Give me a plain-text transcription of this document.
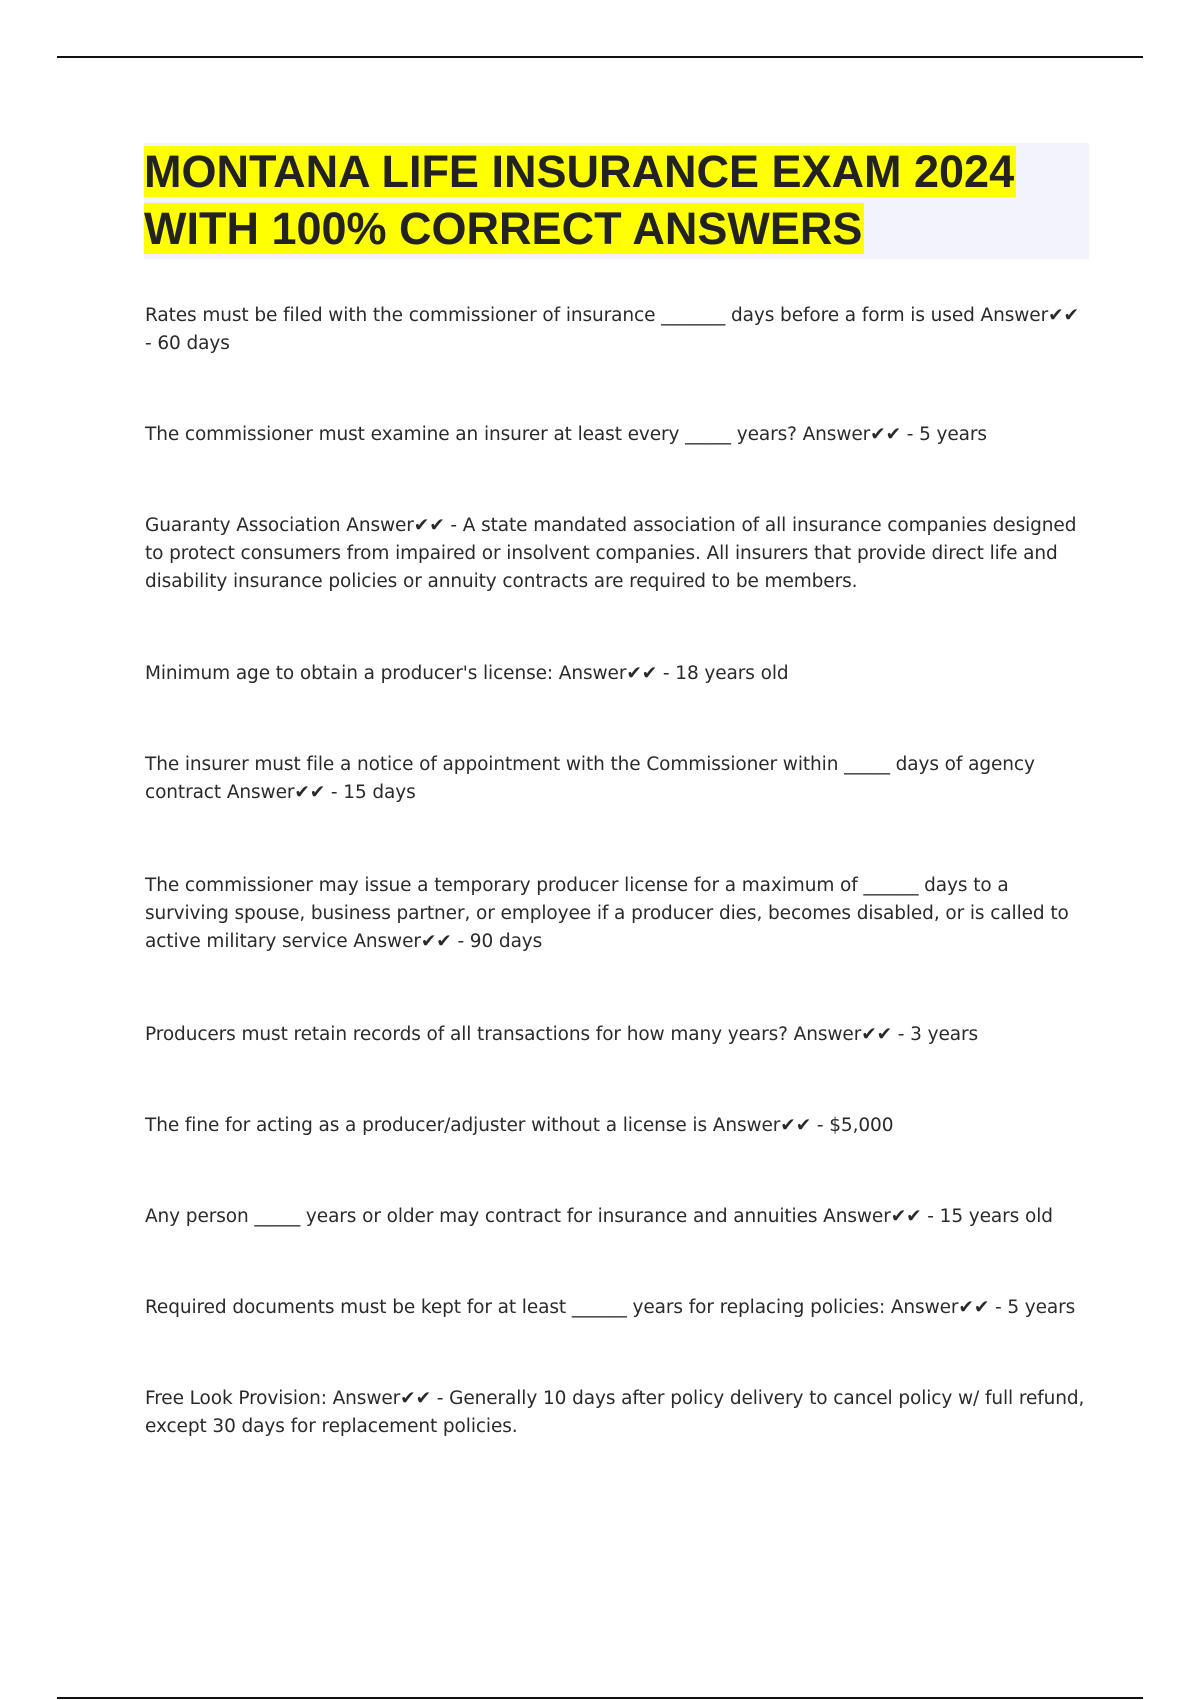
MONTANA LIFE INSURANCE EXAM 2024
WITH 100% CORRECT ANSWERS

Rates must be filed with the commissioner of insurance _______ days before a form is used Answer✔✔ - 60 days

The commissioner must examine an insurer at least every _____ years? Answer✔✔ - 5 years

Guaranty Association Answer✔✔ - A state mandated association of all insurance companies designed to protect consumers from impaired or insolvent companies. All insurers that provide direct life and disability insurance policies or annuity contracts are required to be members.

Minimum age to obtain a producer's license: Answer✔✔ - 18 years old

The insurer must file a notice of appointment with the Commissioner within _____ days of agency contract Answer✔✔ - 15 days

The commissioner may issue a temporary producer license for a maximum of ______ days to a surviving spouse, business partner, or employee if a producer dies, becomes disabled, or is called to active military service Answer✔✔ - 90 days

Producers must retain records of all transactions for how many years? Answer✔✔ - 3 years

The fine for acting as a producer/adjuster without a license is Answer✔✔ - $5,000

Any person _____ years or older may contract for insurance and annuities Answer✔✔ - 15 years old

Required documents must be kept for at least ______ years for replacing policies: Answer✔✔ - 5 years

Free Look Provision: Answer✔✔ - Generally 10 days after policy delivery to cancel policy w/ full refund, except 30 days for replacement policies.
